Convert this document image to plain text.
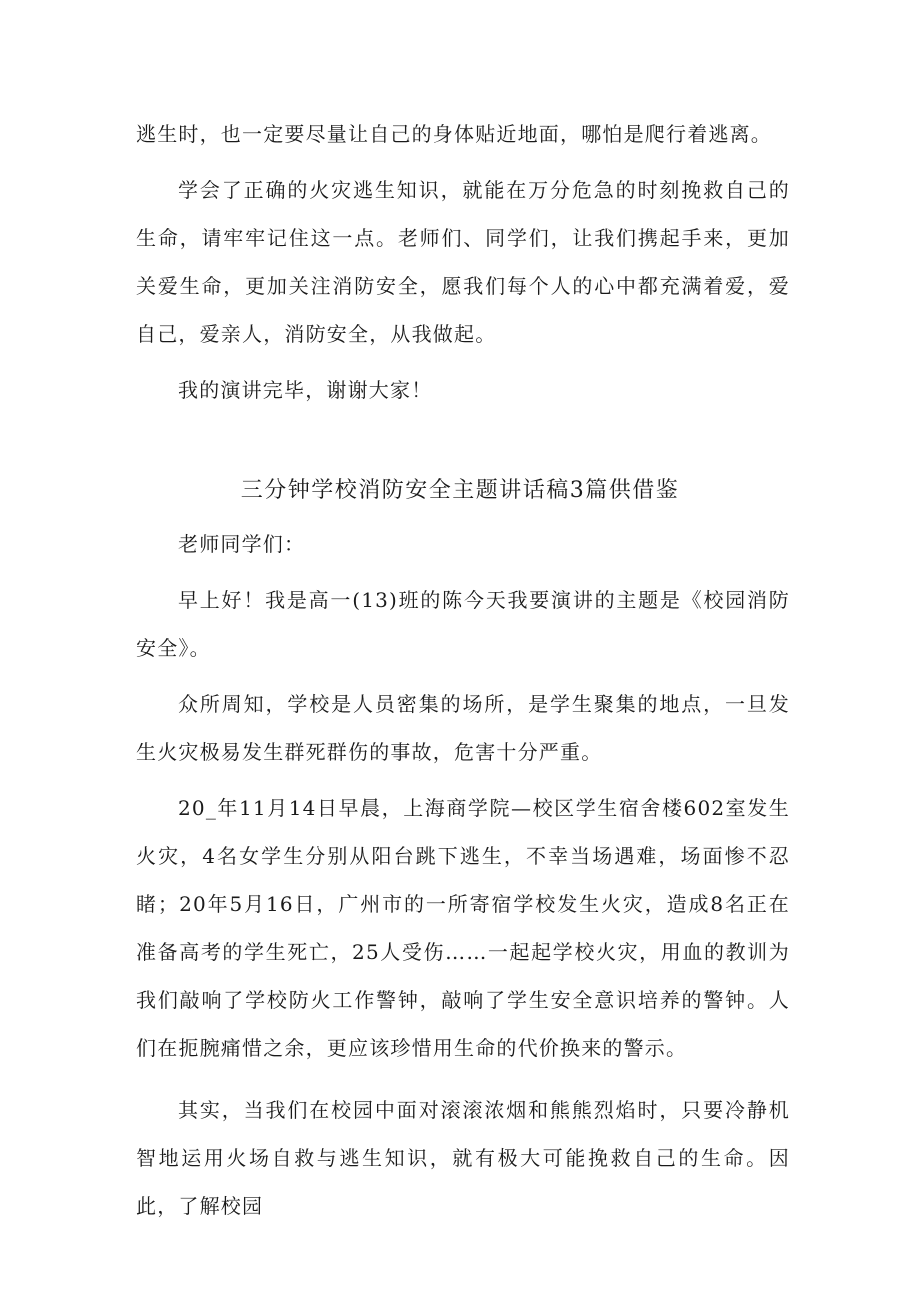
逃生时，也一定要尽量让自己的身体贴近地面，哪怕是爬行着逃离。

学会了正确的火灾逃生知识，就能在万分危急的时刻挽救自己的生命，请牢牢记住这一点。老师们、同学们，让我们携起手来，更加关爱生命，更加关注消防安全，愿我们每个人的心中都充满着爱，爱自己，爱亲人，消防安全，从我做起。

我的演讲完毕，谢谢大家！

三分钟学校消防安全主题讲话稿3篇供借鉴

老师同学们：

早上好！我是高一(13)班的陈今天我要演讲的主题是《校园消防安全》。

众所周知，学校是人员密集的场所，是学生聚集的地点，一旦发生火灾极易发生群死群伤的事故，危害十分严重。

20_年11月14日早晨，上海商学院—校区学生宿舍楼602室发生火灾，4名女学生分别从阳台跳下逃生，不幸当场遇难，场面惨不忍睹；20年5月16日，广州市的一所寄宿学校发生火灾，造成8名正在准备高考的学生死亡，25人受伤……一起起学校火灾，用血的教训为我们敲响了学校防火工作警钟，敲响了学生安全意识培养的警钟。人们在扼腕痛惜之余，更应该珍惜用生命的代价换来的警示。

其实，当我们在校园中面对滚滚浓烟和熊熊烈焰时，只要冷静机智地运用火场自救与逃生知识，就有极大可能挽救自己的生命。因此，了解校园
